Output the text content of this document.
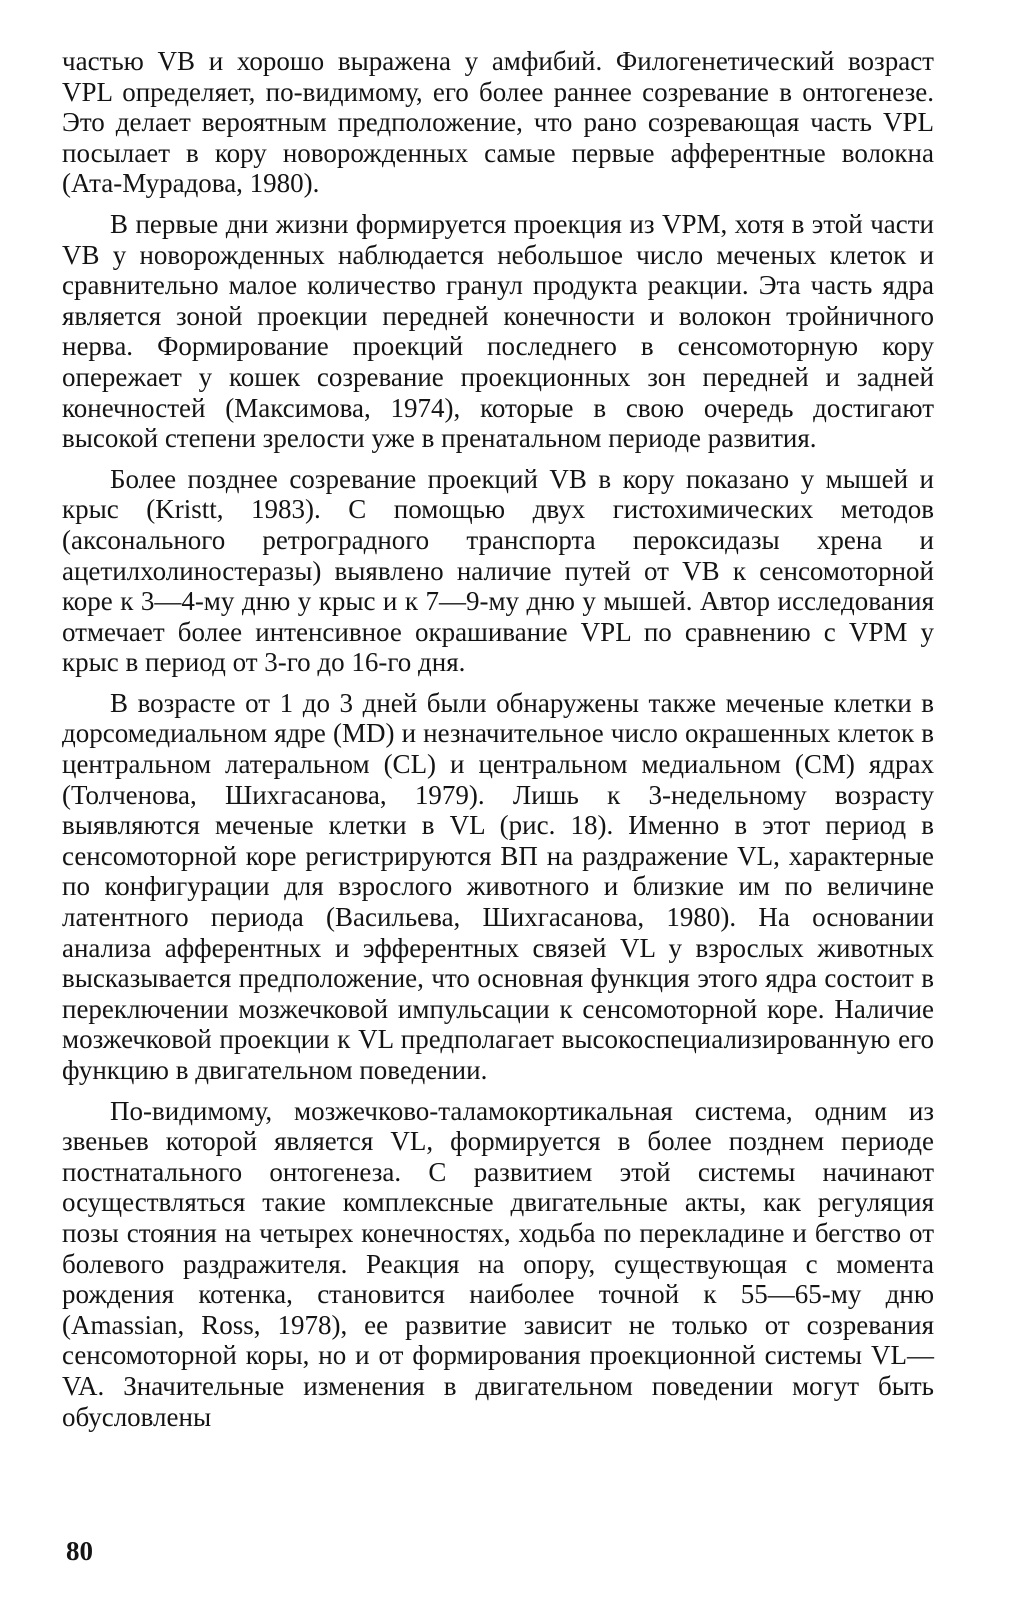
частью VB и хорошо выражена у амфибий. Филогенетический возраст VPL определяет, по-видимому, его более раннее созревание в онтогенезе. Это делает вероятным предположение, что рано созревающая часть VPL посылает в кору новорожденных самые первые афферентные волокна (Ата-Мурадова, 1980).

В первые дни жизни формируется проекция из VPM, хотя в этой части VB у новорожденных наблюдается небольшое число меченых клеток и сравнительно малое количество гранул продукта реакции. Эта часть ядра является зоной проекции передней конечности и волокон тройничного нерва. Формирование проекций последнего в сенсомоторную кору опережает у кошек созревание проекционных зон передней и задней конечностей (Максимова, 1974), которые в свою очередь достигают высокой степени зрелости уже в пренатальном периоде развития.

Более позднее созревание проекций VB в кору показано у мышей и крыс (Kristt, 1983). С помощью двух гистохимических методов (аксонального ретроградного транспорта пероксидазы хрена и ацетилхолиностеразы) выявлено наличие путей от VB к сенсомоторной коре к 3—4-му дню у крыс и к 7—9-му дню у мышей. Автор исследования отмечает более интенсивное окрашивание VPL по сравнению с VPM у крыс в период от 3-го до 16-го дня.

В возрасте от 1 до 3 дней были обнаружены также меченые клетки в дорсомедиальном ядре (MD) и незначительное число окрашенных клеток в центральном латеральном (CL) и центральном медиальном (CM) ядрах (Толченова, Шихгасанова, 1979). Лишь к 3-недельному возрасту выявляются меченые клетки в VL (рис. 18). Именно в этот период в сенсомоторной коре регистрируются ВП на раздражение VL, характерные по конфигурации для взрослого животного и близкие им по величине латентного периода (Васильева, Шихгасанова, 1980). На основании анализа афферентных и эфферентных связей VL у взрослых животных высказывается предположение, что основная функция этого ядра состоит в переключении мозжечковой импульсации к сенсомоторной коре. Наличие мозжечковой проекции к VL предполагает высокоспециализированную его функцию в двигательном поведении.

По-видимому, мозжечково-таламокортикальная система, одним из звеньев которой является VL, формируется в более позднем периоде постнатального онтогенеза. С развитием этой системы начинают осуществляться такие комплексные двигательные акты, как регуляция позы стояния на четырех конечностях, ходьба по перекладине и бегство от болевого раздражителя. Реакция на опору, существующая с момента рождения котенка, становится наиболее точной к 55—65-му дню (Amassian, Ross, 1978), ее развитие зависит не только от созревания сенсомоторной коры, но и от формирования проекционной системы VL—VA. Значительные изменения в двигательном поведении могут быть обусловлены

80
